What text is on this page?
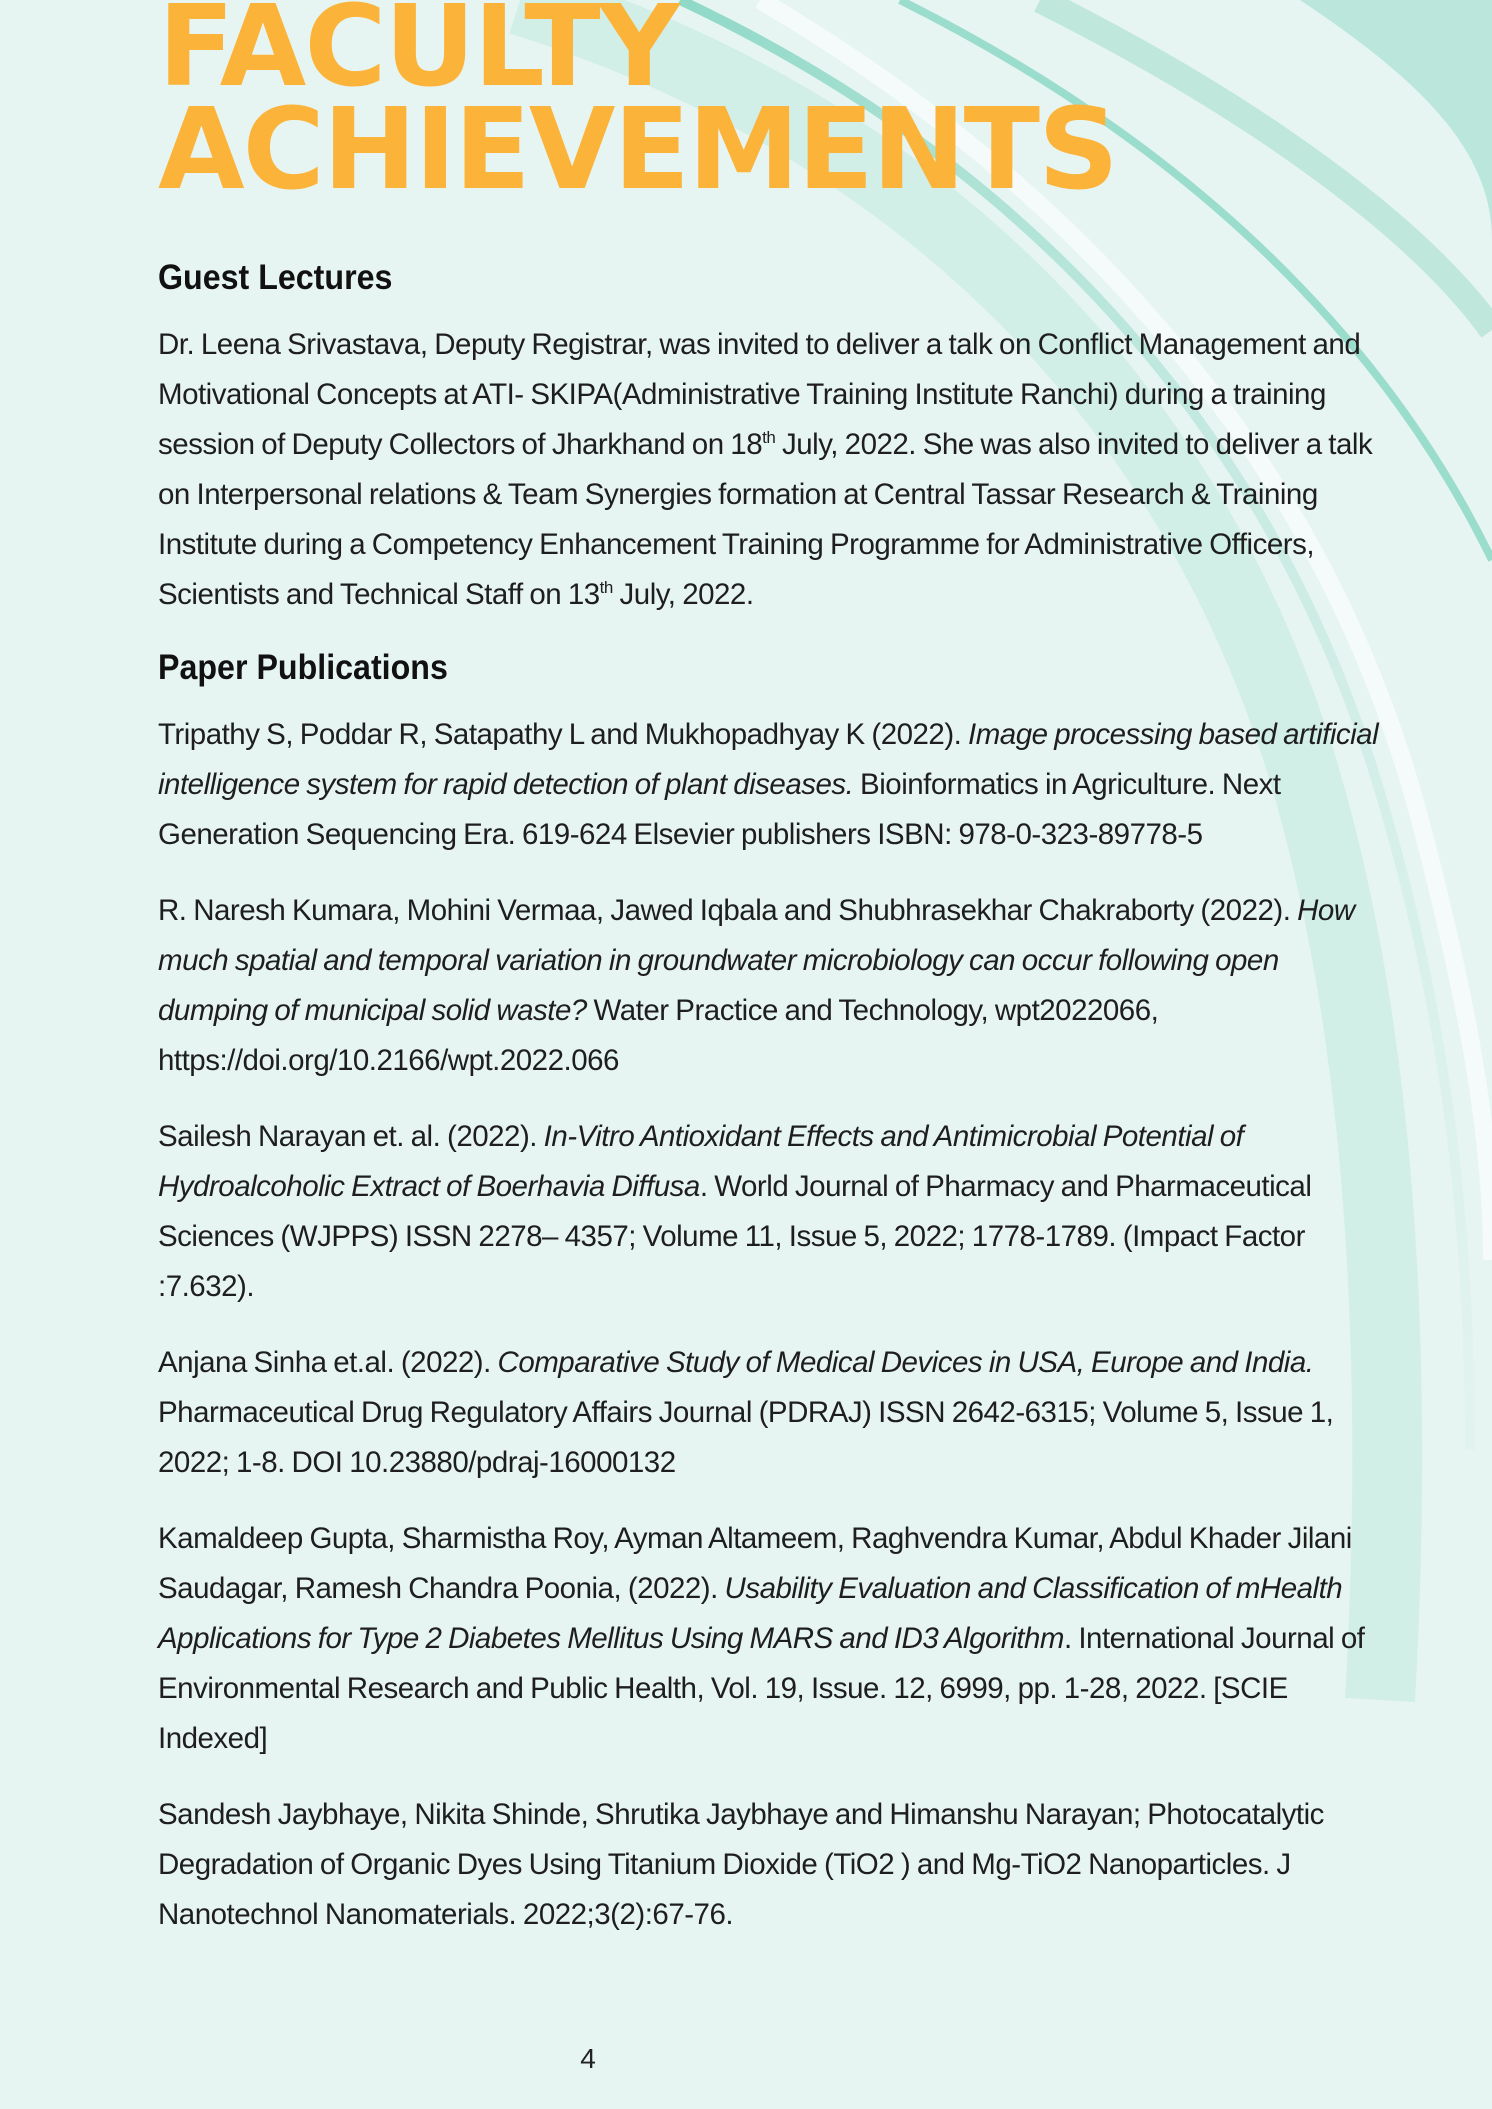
FACULTY
ACHIEVEMENTS
Guest Lectures

Dr. Leena Srivastava, Deputy Registrar, was invited to deliver a talk on Conflict Management and Motivational Concepts at ATI- SKIPA(Administrative Training Institute Ranchi) during a training session of Deputy Collectors of Jharkhand on 18th July, 2022. She was also invited to deliver a talk on Interpersonal relations & Team Synergies formation at Central Tassar Research & Training Institute during a Competency Enhancement Training Programme for Administrative Officers, Scientists and Technical Staff on 13th July, 2022.

Paper Publications

Tripathy S, Poddar R, Satapathy L and Mukhopadhyay K (2022). Image processing based artificial intelligence system for rapid detection of plant diseases. Bioinformatics in Agriculture. Next Generation Sequencing Era. 619-624 Elsevier publishers ISBN: 978-0-323-89778-5

R. Naresh Kumara, Mohini Vermaa, Jawed Iqbala and Shubhrasekhar Chakraborty (2022). How much spatial and temporal variation in groundwater microbiology can occur following open dumping of municipal solid waste? Water Practice and Technology, wpt2022066, https://doi.org/10.2166/wpt.2022.066

Sailesh Narayan et. al. (2022). In-Vitro Antioxidant Effects and Antimicrobial Potential of Hydroalcoholic Extract of Boerhavia Diffusa. World Journal of Pharmacy and Pharmaceutical Sciences (WJPPS) ISSN 2278– 4357; Volume 11, Issue 5, 2022; 1778-1789. (Impact Factor :7.632).

Anjana Sinha et.al. (2022). Comparative Study of Medical Devices in USA, Europe and India. Pharmaceutical Drug Regulatory Affairs Journal (PDRAJ) ISSN 2642-6315; Volume 5, Issue 1, 2022; 1-8. DOI 10.23880/pdraj-16000132

Kamaldeep Gupta, Sharmistha Roy, Ayman Altameem, Raghvendra Kumar, Abdul Khader Jilani Saudagar, Ramesh Chandra Poonia, (2022). Usability Evaluation and Classification of mHealth Applications for Type 2 Diabetes Mellitus Using MARS and ID3 Algorithm. International Journal of Environmental Research and Public Health, Vol. 19, Issue. 12, 6999, pp. 1-28, 2022. [SCIE Indexed]

Sandesh Jaybhaye, Nikita Shinde, Shrutika Jaybhaye and Himanshu Narayan; Photocatalytic Degradation of Organic Dyes Using Titanium Dioxide (TiO2 ) and Mg-TiO2 Nanoparticles. J Nanotechnol Nanomaterials. 2022;3(2):67-76.

4
